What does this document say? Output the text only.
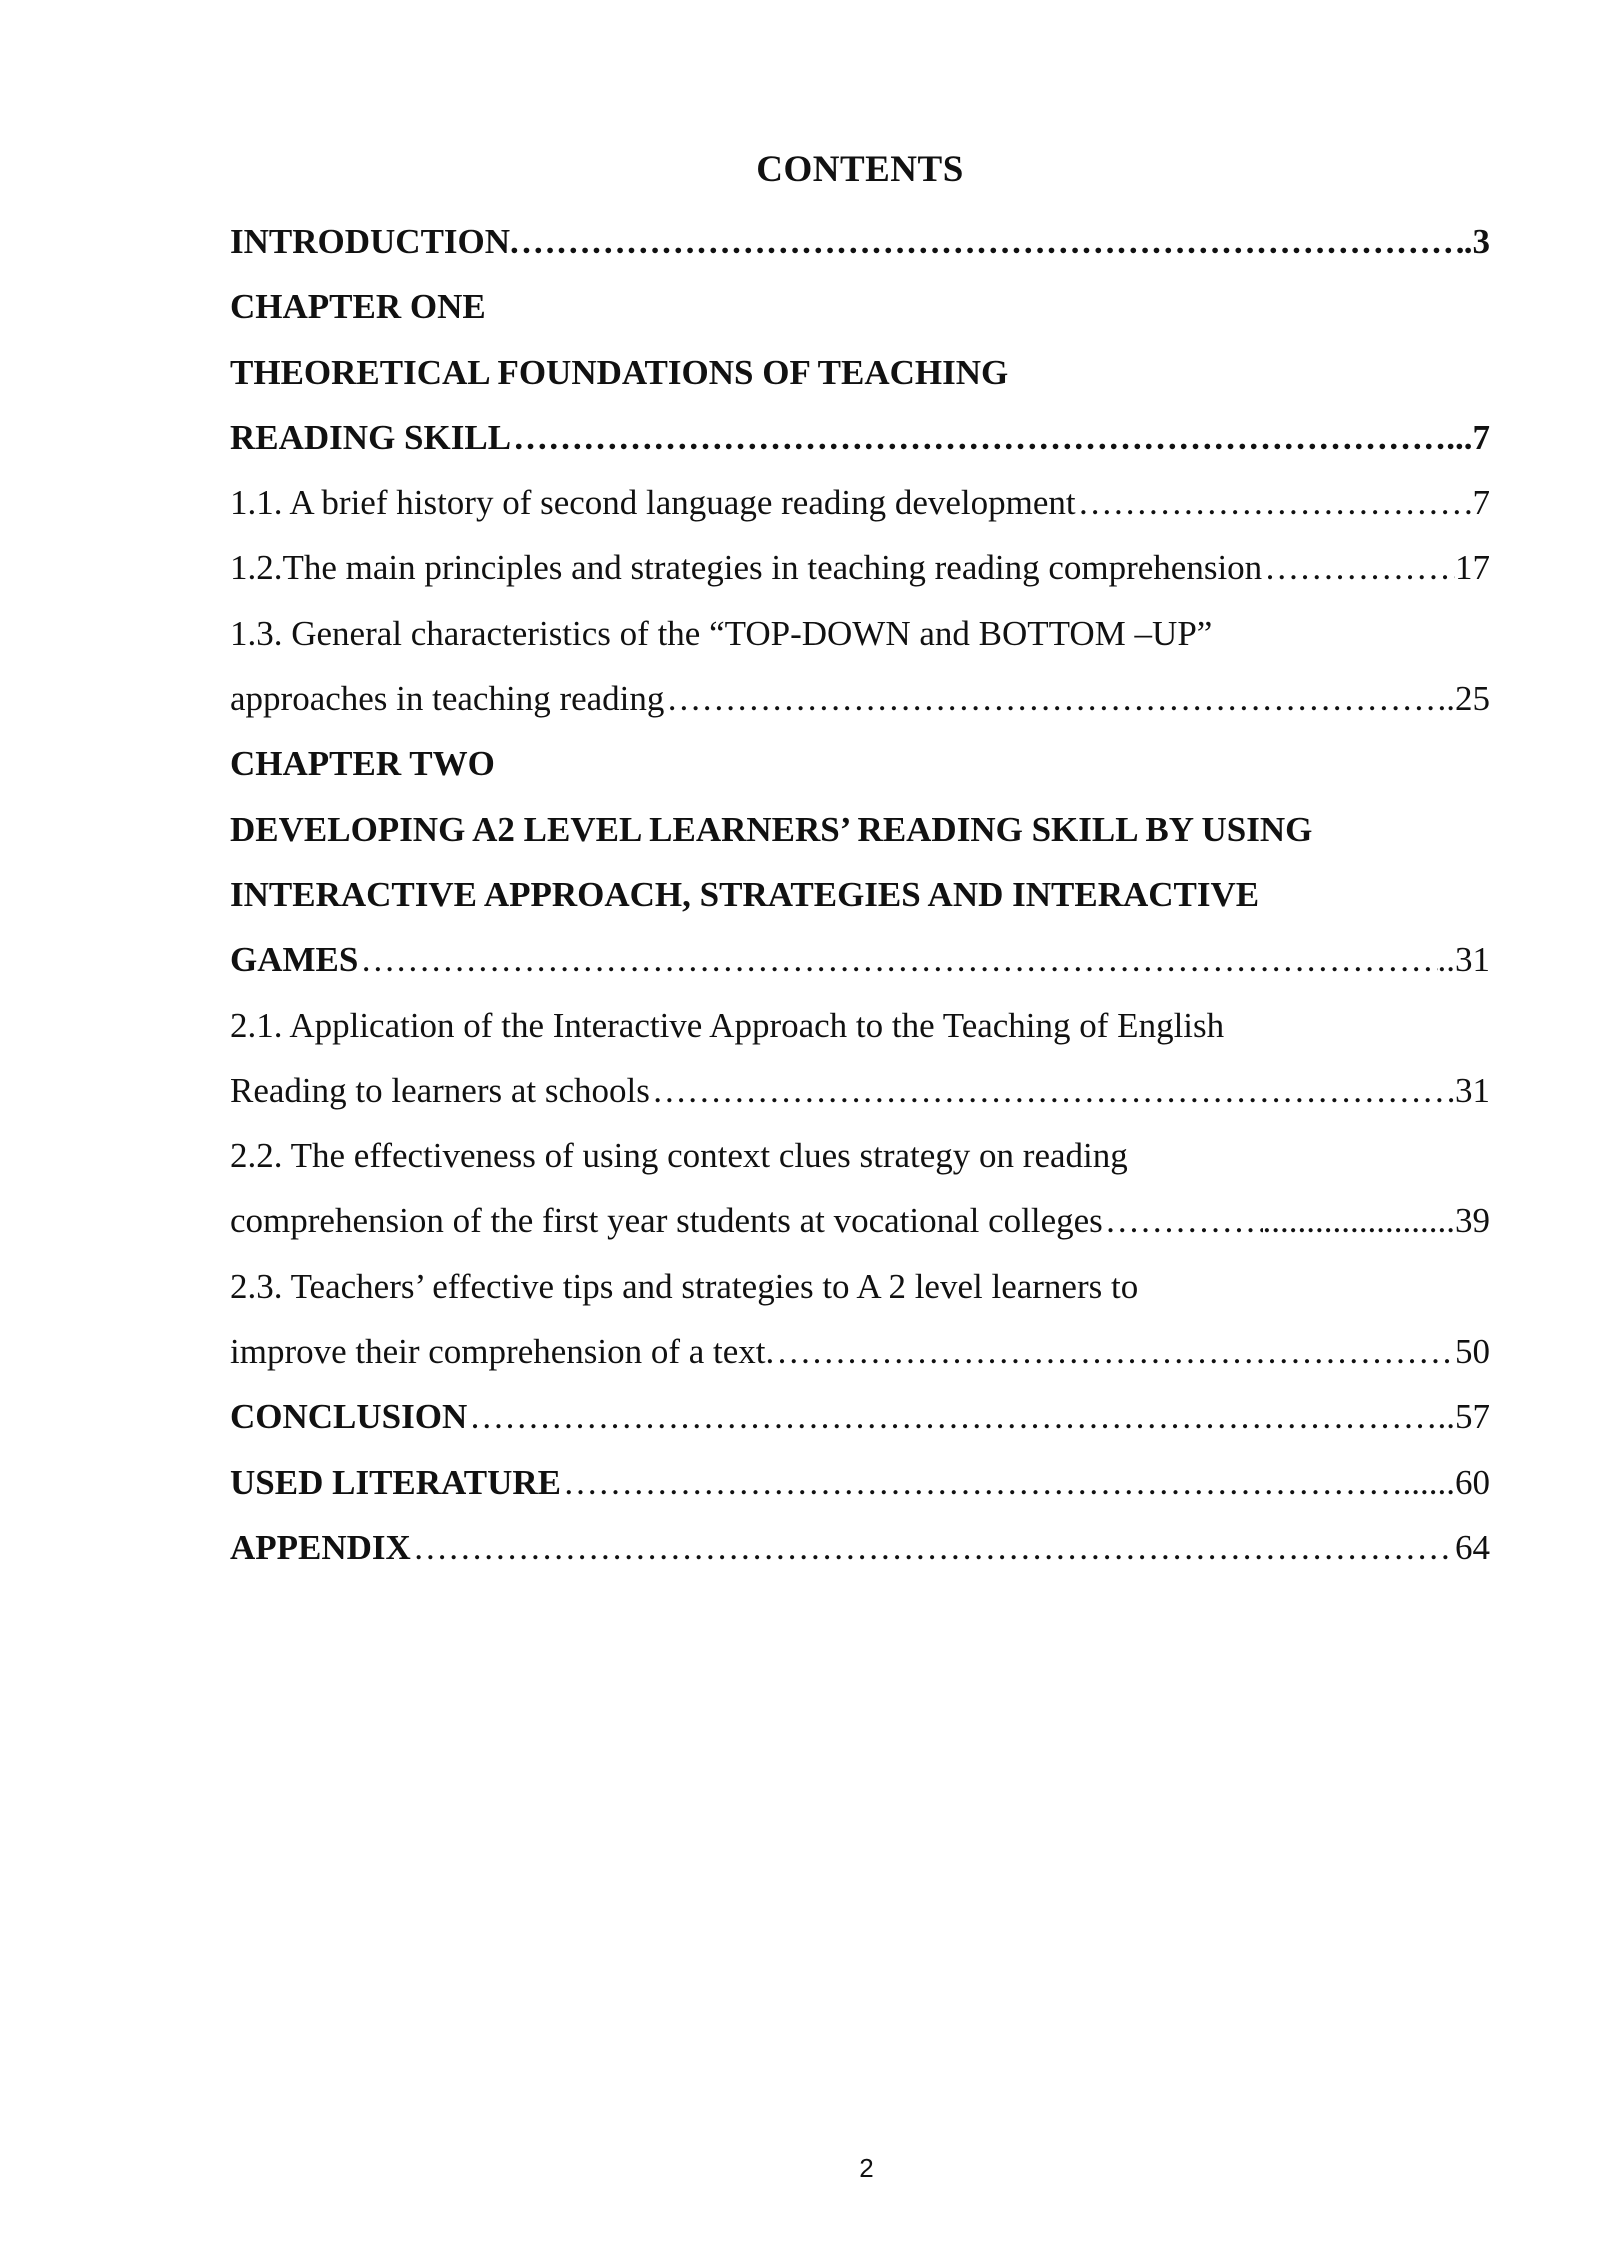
CONTENTS
INTRODUCTION. ………………………………………………………………………………………………………………………………………………………………………………	.3
CHAPTER ONE
THEORETICAL FOUNDATIONS OF TEACHING
READING SKILL ………………………………………………………………………………………………………………………………………………………………………………	...7
1.1. A brief history of second language reading development ………………………………………………………………………………………………………………………………………………………………………………	7
1.2.The main principles and strategies in teaching reading comprehension ………………………………………………………………………………………………………………………………………………………………………………	17
1.3. General characteristics of the “TOP-DOWN and BOTTOM –UP”
approaches in teaching reading ………………………………………………………………………………………………………………………………………………………………………………	..25
CHAPTER TWO
DEVELOPING A2 LEVEL LEARNERS’ READING SKILL BY USING
INTERACTIVE APPROACH, STRATEGIES AND INTERACTIVE
GAMES ………………………………………………………………………………………………………………………………………………………………………………	..31
2.1. Application of the Interactive Approach to the Teaching of English
Reading to learners at schools ………………………………………………………………………………………………………………………………………………………………………………	31
2.2. The effectiveness of using context clues strategy on reading
comprehension of the first year students at vocational colleges ………………………………………………………………………………………………………………………………………………………………………………	......................39
2.3. Teachers’ effective tips and strategies to A 2 level learners to
improve their comprehension of a text. ………………………………………………………………………………………………………………………………………………………………………………	50
CONCLUSION ………………………………………………………………………………………………………………………………………………………………………………	..57
USED LITERATURE ………………………………………………………………………………………………………………………………………………………………………………	......60
APPENDIX ………………………………………………………………………………………………………………………………………………………………………………	64
2
